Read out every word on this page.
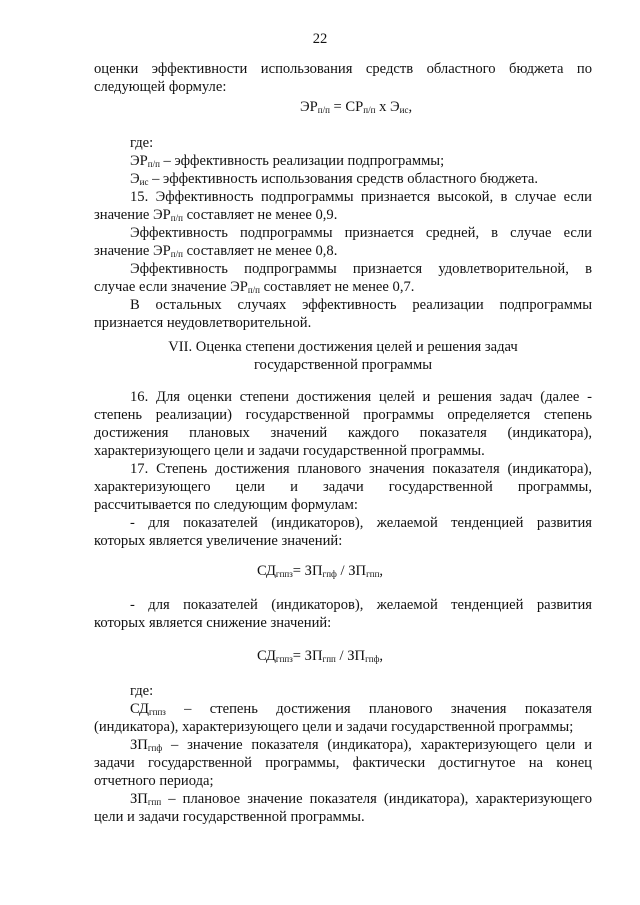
22

оценки эффективности использования средств областного бюджета по

следующей формуле:

$ЭР_{п/п} = СР_{п/п}$ х $Э_{ис}$,

где:

$ЭР_{п/п}$ – эффективность реализации подпрограммы;

$Э_{ис}$ – эффективность использования средств областного бюджета.

15. Эффективность подпрограммы признается высокой, в случае если

значение $ЭР_{п/п}$ составляет не менее 0,9.

Эффективность подпрограммы признается средней, в случае если

значение $ЭР_{п/п}$ составляет не менее 0,8.

Эффективность подпрограммы признается удовлетворительной, в

случае если значение $ЭР_{п/п}$ составляет не менее 0,7.

В остальных случаях эффективность реализации подпрограммы

признается неудовлетворительной.

VII. Оценка степени достижения целей и решения задач

государственной программы

16. Для оценки степени достижения целей и решения задач (далее -

степень реализации) государственной программы определяется степень

достижения плановых значений каждого показателя (индикатора),

характеризующего цели и задачи государственной программы.

17. Степень достижения планового значения показателя (индикатора),

характеризующего цели и задачи государственной программы,

рассчитывается по следующим формулам:

- для показателей (индикаторов), желаемой тенденцией развития

которых является увеличение значений:

$СД_{гппз}= ЗП_{гпф} / ЗП_{гпп}$,

- для показателей (индикаторов), желаемой тенденцией развития

которых является снижение значений:

$СД_{гппз}= ЗП_{гпп} / ЗП_{гпф}$,

где:

$СД_{гппз}$ – степень достижения планового значения показателя

(индикатора), характеризующего цели и задачи государственной программы;

$ЗП_{гпф}$ – значение показателя (индикатора), характеризующего цели и

задачи государственной программы, фактически достигнутое на конец

отчетного периода;

$ЗП_{гпп}$ – плановое значение показателя (индикатора), характеризующего

цели и задачи государственной программы.
